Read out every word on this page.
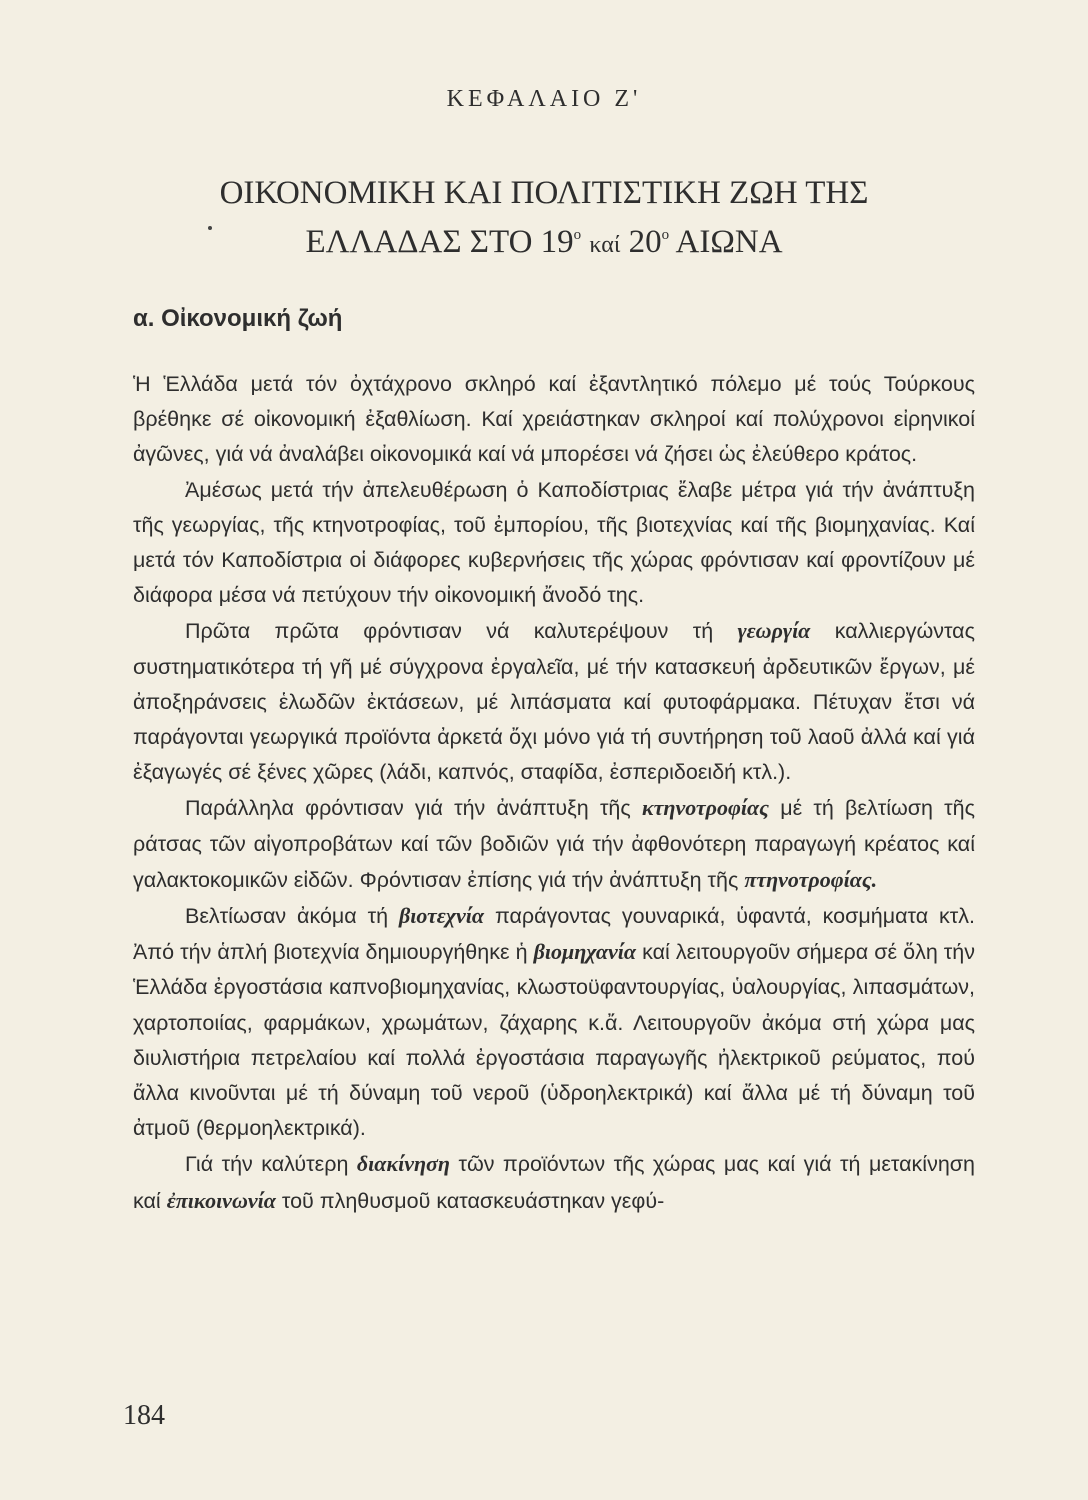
ΚΕΦΑΛΑΙΟ Ζ'
ΟΙΚΟΝΟΜΙΚΗ ΚΑΙ ΠΟΛΙΤΙΣΤΙΚΗ ΖΩΗ ΤΗΣ
ΕΛΛΑΔΑΣ ΣΤΟ $19^o$ καί $20^o$ ΑΙΩΝΑ
α. Οἰκονομική ζωή

Ἡ Ἑλλάδα μετά τόν ὀχτάχρονο σκληρό καί ἐξαντλητικό πόλεμο μέ τούς Τούρκους βρέθηκε σέ οἰκονομική ἐξαθλίωση. Καί χρειάστηκαν σκληροί καί πολύχρονοι εἰρηνικοί ἀγῶνες, γιά νά ἀναλάβει οἰκονομικά καί νά μπορέσει νά ζήσει ὡς ἐλεύθερο κράτος.

Ἀμέσως μετά τήν ἀπελευθέρωση ὁ Καποδίστριας ἔλαβε μέτρα γιά τήν ἀνάπτυξη τῆς γεωργίας, τῆς κτηνοτροφίας, τοῦ ἐμπορίου, τῆς βιοτεχνίας καί τῆς βιομηχανίας. Καί μετά τόν Καποδίστρια οἱ διάφορες κυβερνήσεις τῆς χώρας φρόντισαν καί φροντίζουν μέ διάφορα μέσα νά πετύχουν τήν οἰκονομική ἄνοδό της.

Πρῶτα πρῶτα φρόντισαν νά καλυτερέψουν τή γεωργία καλλιεργώντας συστηματικότερα τή γῆ μέ σύγχρονα ἐργαλεῖα, μέ τήν κατασκευή ἀρδευτικῶν ἔργων, μέ ἀποξηράνσεις ἑλωδῶν ἐκτάσεων, μέ λιπάσματα καί φυτοφάρμακα. Πέτυχαν ἔτσι νά παράγονται γεωργικά προϊόντα ἀρκετά ὄχι μόνο γιά τή συντήρηση τοῦ λαοῦ ἀλλά καί γιά ἐξαγωγές σέ ξένες χῶρες (λάδι, καπνός, σταφίδα, ἐσπεριδοειδή κτλ.).

Παράλληλα φρόντισαν γιά τήν ἀνάπτυξη τῆς κτηνοτροφίας μέ τή βελτίωση τῆς ράτσας τῶν αἰγοπροβάτων καί τῶν βοδιῶν γιά τήν ἀφθονότερη παραγωγή κρέατος καί γαλακτοκομικῶν εἰδῶν. Φρόντισαν ἐπίσης γιά τήν ἀνάπτυξη τῆς πτηνοτροφίας.

Βελτίωσαν ἀκόμα τή βιοτεχνία παράγοντας γουναρικά, ὑφαντά, κοσμήματα κτλ. Ἀπό τήν ἁπλή βιοτεχνία δημιουργήθηκε ἡ βιομηχανία καί λειτουργοῦν σήμερα σέ ὅλη τήν Ἑλλάδα ἐργοστάσια καπνοβιομηχανίας, κλωστοϋφαντουργίας, ὑαλουργίας, λιπασμάτων, χαρτοποιίας, φαρμάκων, χρωμάτων, ζάχαρης κ.ἄ. Λειτουργοῦν ἀκόμα στή χώρα μας διυλιστήρια πετρελαίου καί πολλά ἐργοστάσια παραγωγῆς ἠλεκτρικοῦ ρεύματος, πού ἄλλα κινοῦνται μέ τή δύναμη τοῦ νεροῦ (ὑδροηλεκτρικά) καί ἄλλα μέ τή δύναμη τοῦ ἀτμοῦ (θερμοηλεκτρικά).

Γιά τήν καλύτερη διακίνηση τῶν προϊόντων τῆς χώρας μας καί γιά τή μετακίνηση καί ἐπικοινωνία τοῦ πληθυσμοῦ κατασκευάστηκαν γεφύ-

184
